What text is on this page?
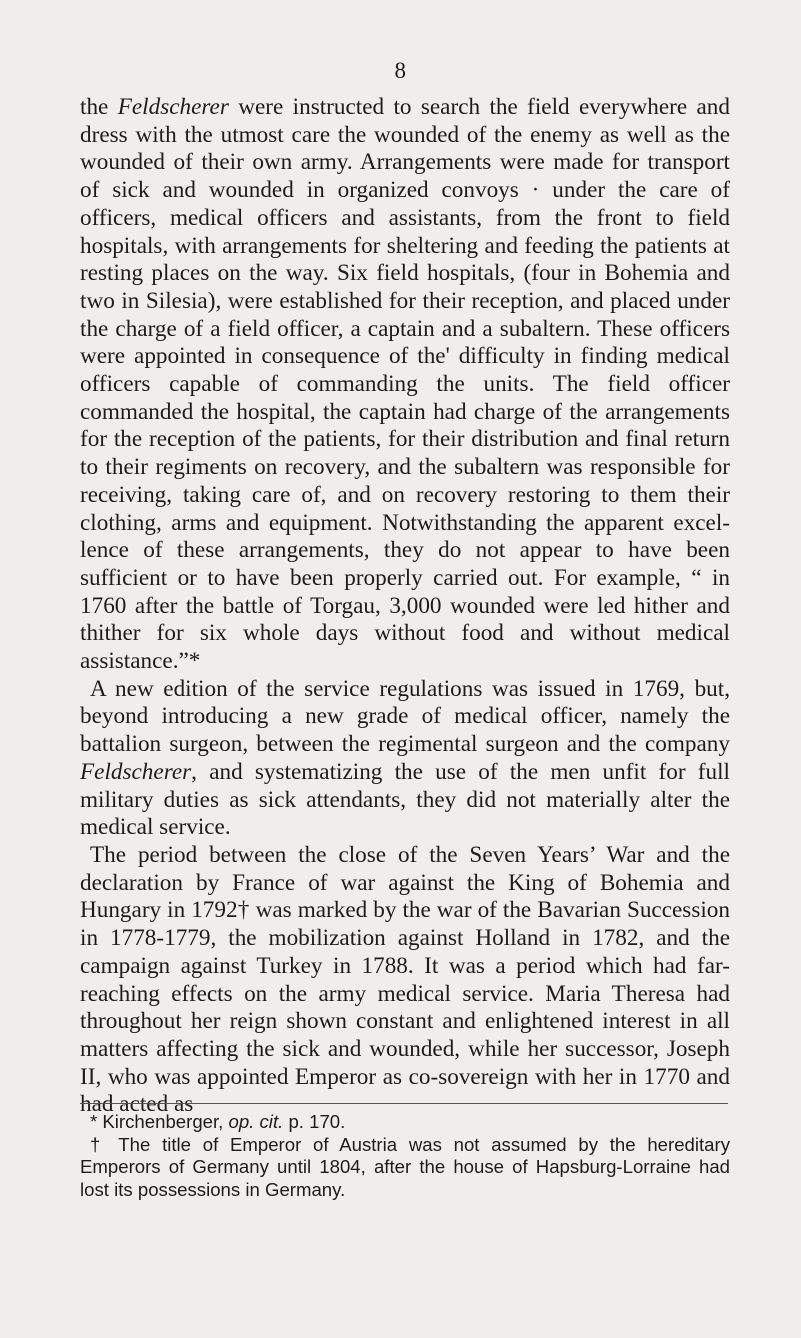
8

the Feldscherer were instructed to search the field everywhere and dress with the utmost care the wounded of the enemy as well as the wounded of their own army. Arrangements were made for transport of sick and wounded in organized convoys · under the care of officers, medical officers and assistants, from the front to field hospitals, with arrangements for sheltering and feeding the patients at resting places on the way. Six field hospitals, (four in Bohemia and two in Silesia), were established for their reception, and placed under the charge of a field officer, a captain and a subaltern. These officers were appointed in consequence of the' difficulty in finding medical officers capable of commanding the units. The field officer commanded the hospital, the captain had charge of the arrangements for the reception of the patients, for their distribution and final return to their regiments on recovery, and the subaltern was responsible for receiving, taking care of, and on recovery restoring to them their clothing, arms and equipment. Notwithstanding the apparent excel-lence of these arrangements, they do not appear to have been sufficient or to have been properly carried out. For example, “ in 1760 after the battle of Torgau, 3,000 wounded were led hither and thither for six whole days without food and without medical assistance.”*

A new edition of the service regulations was issued in 1769, but, beyond introducing a new grade of medical officer, namely the battalion surgeon, between the regimental surgeon and the company Feldscherer, and systematizing the use of the men unfit for full military duties as sick attendants, they did not materially alter the medical service.

The period between the close of the Seven Years’ War and the declaration by France of war against the King of Bohemia and Hungary in 1792† was marked by the war of the Bavarian Succession in 1778-1779, the mobilization against Holland in 1782, and the campaign against Turkey in 1788. It was a period which had far-reaching effects on the army medical service. Maria Theresa had throughout her reign shown constant and enlightened interest in all matters affecting the sick and wounded, while her successor, Joseph II, who was appointed Emperor as co-sovereign with her in 1770 and had acted as

* Kirchenberger, op. cit. p. 170.

† The title of Emperor of Austria was not assumed by the hereditary Emperors of Germany until 1804, after the house of Hapsburg-Lorraine had lost its possessions in Germany.
